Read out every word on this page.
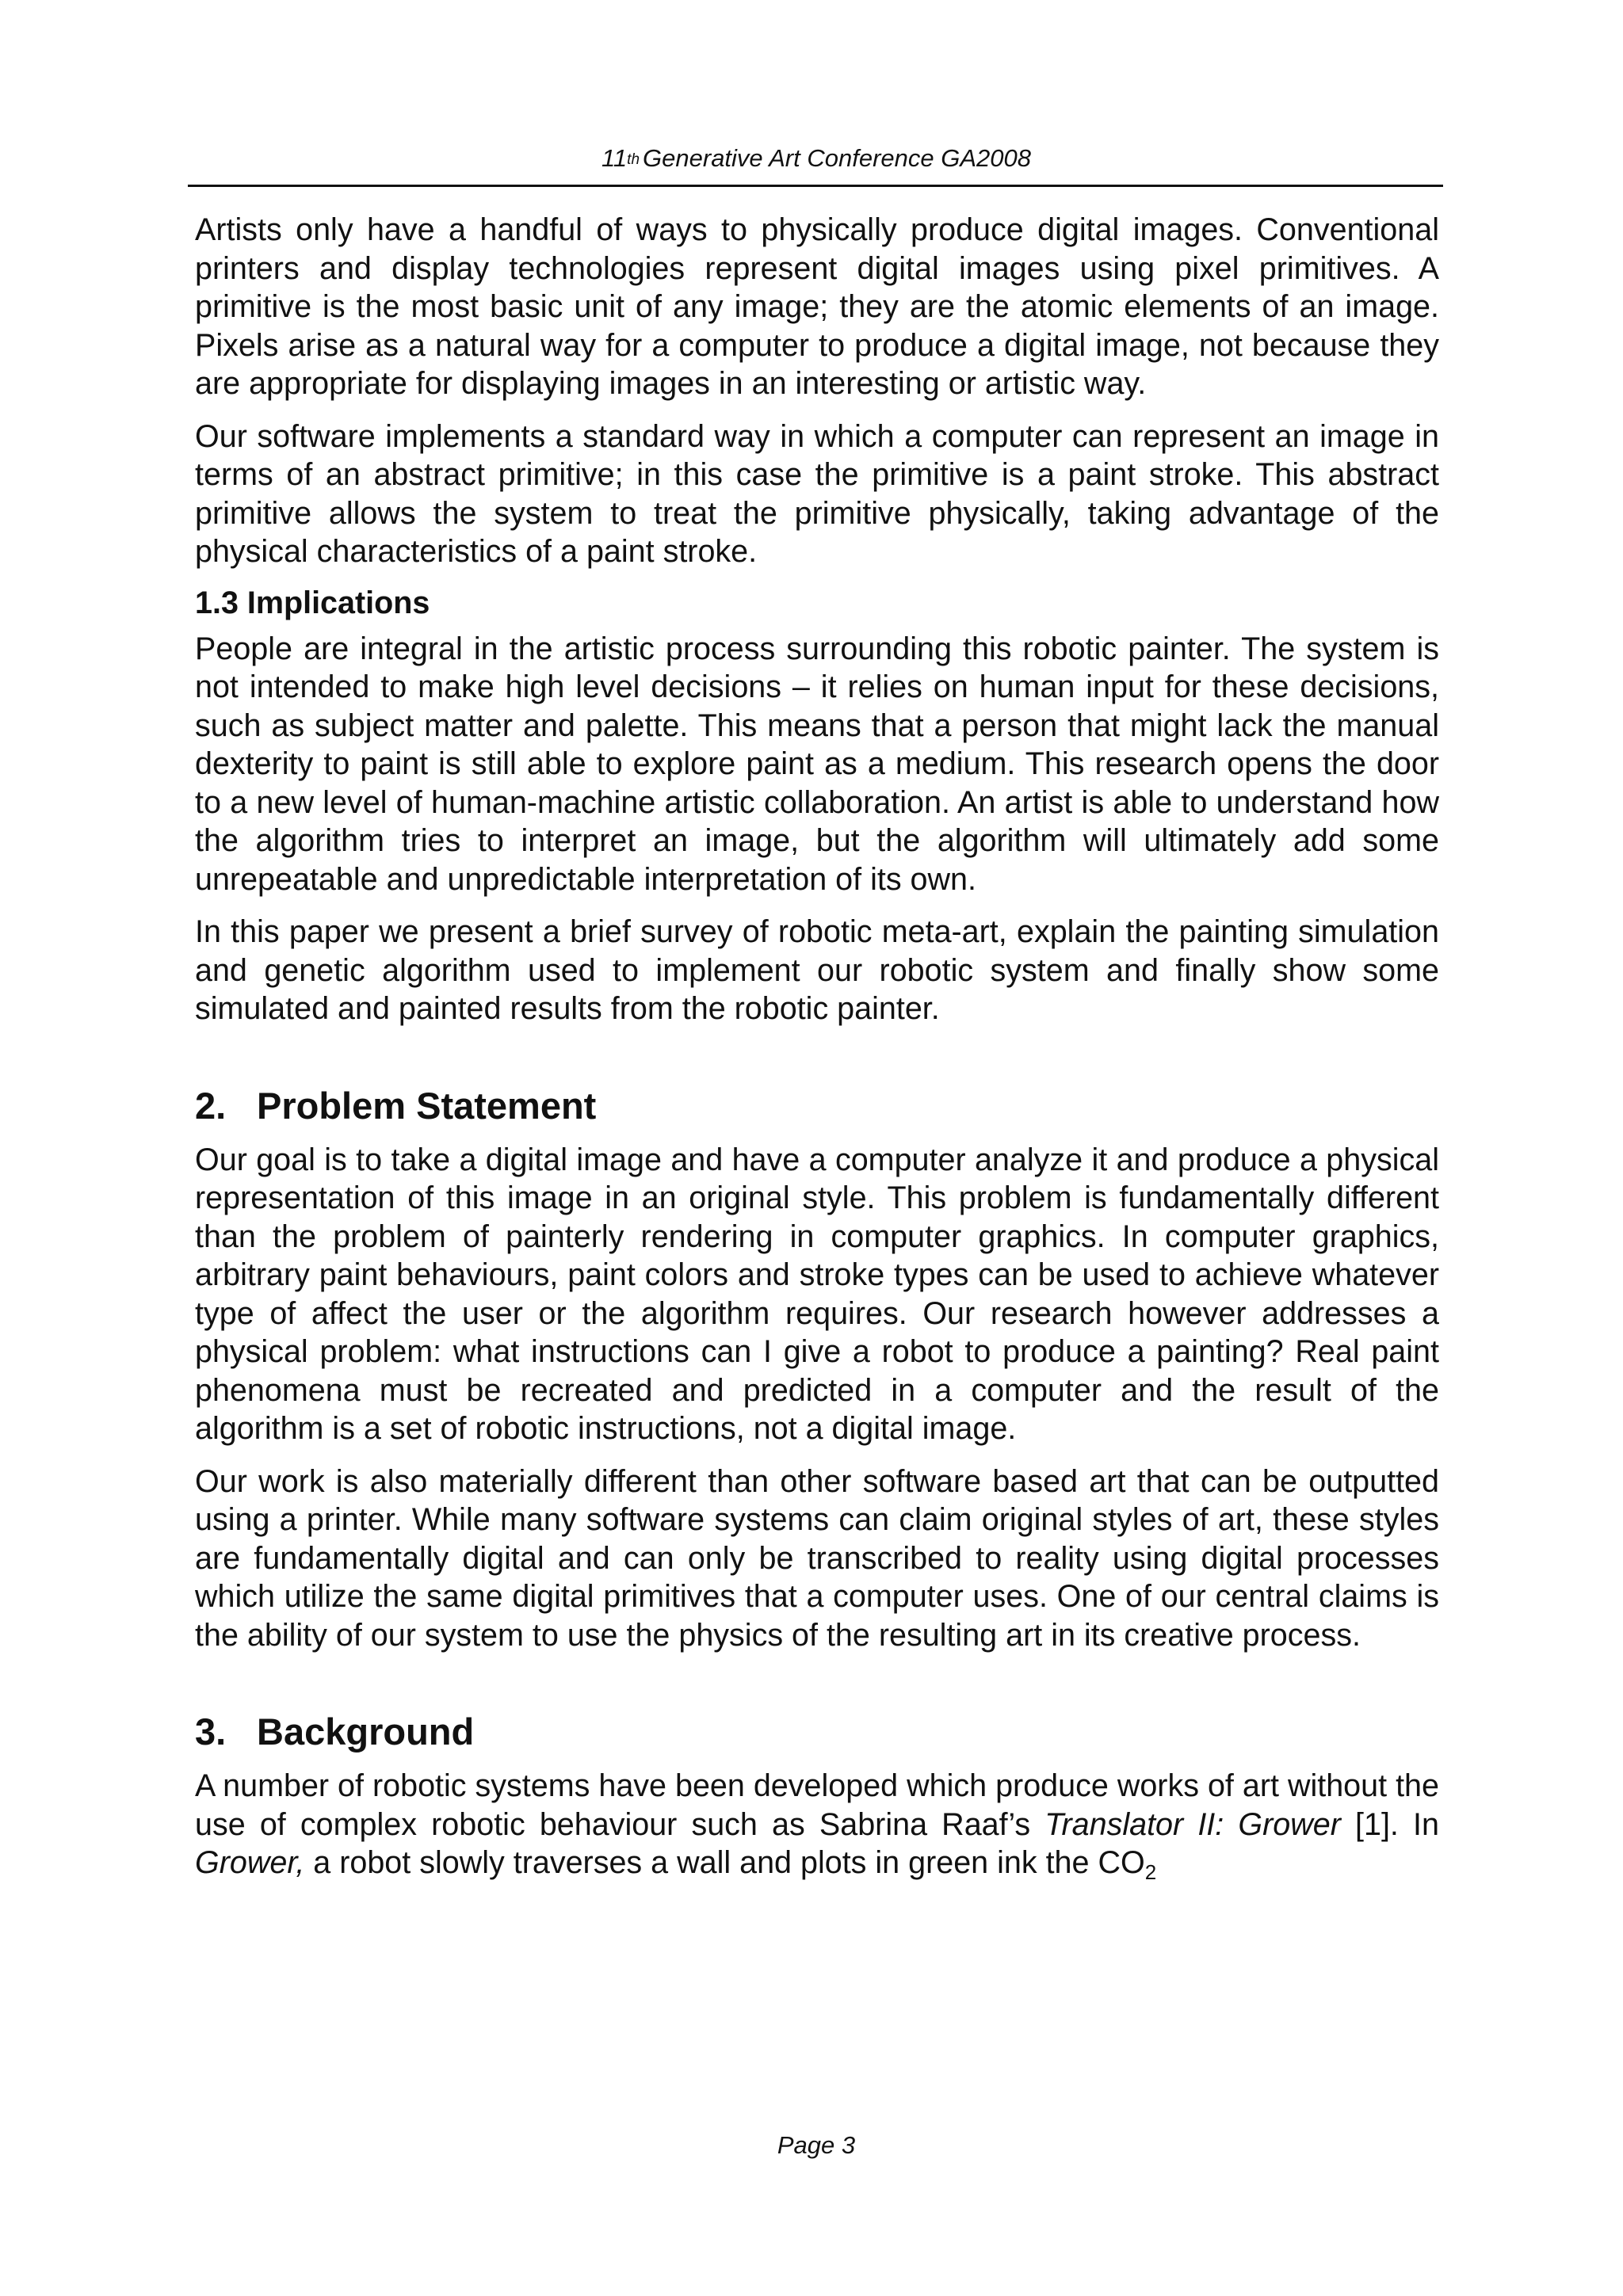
11th Generative Art Conference GA2008

Artists only have a handful of ways to physically produce digital images. Conventional printers and display technologies represent digital images using pixel primitives. A primitive is the most basic unit of any image; they are the atomic elements of an image. Pixels arise as a natural way for a computer to produce a digital image, not because they are appropriate for displaying images in an interesting or artistic way.

Our software implements a standard way in which a computer can represent an image in terms of an abstract primitive; in this case the primitive is a paint stroke. This abstract primitive allows the system to treat the primitive physically, taking advantage of the physical characteristics of a paint stroke.

1.3 Implications

People are integral in the artistic process surrounding this robotic painter. The system is not intended to make high level decisions – it relies on human input for these decisions, such as subject matter and palette. This means that a person that might lack the manual dexterity to paint is still able to explore paint as a medium. This research opens the door to a new level of human-machine artistic collaboration. An artist is able to understand how the algorithm tries to interpret an image, but the algorithm will ultimately add some unrepeatable and unpredictable interpretation of its own.

In this paper we present a brief survey of robotic meta-art, explain the painting simulation and genetic algorithm used to implement our robotic system and finally show some simulated and painted results from the robotic painter.

2. Problem Statement

Our goal is to take a digital image and have a computer analyze it and produce a physical representation of this image in an original style. This problem is fundamentally different than the problem of painterly rendering in computer graphics. In computer graphics, arbitrary paint behaviours, paint colors and stroke types can be used to achieve whatever type of affect the user or the algorithm requires. Our research however addresses a physical problem: what instructions can I give a robot to produce a painting? Real paint phenomena must be recreated and predicted in a computer and the result of the algorithm is a set of robotic instructions, not a digital image.

Our work is also materially different than other software based art that can be outputted using a printer. While many software systems can claim original styles of art, these styles are fundamentally digital and can only be transcribed to reality using digital processes which utilize the same digital primitives that a computer uses. One of our central claims is the ability of our system to use the physics of the resulting art in its creative process.

3. Background

A number of robotic systems have been developed which produce works of art without the use of complex robotic behaviour such as Sabrina Raaf’s Translator II: Grower [1]. In Grower, a robot slowly traverses a wall and plots in green ink the $CO_2$

Page 3
